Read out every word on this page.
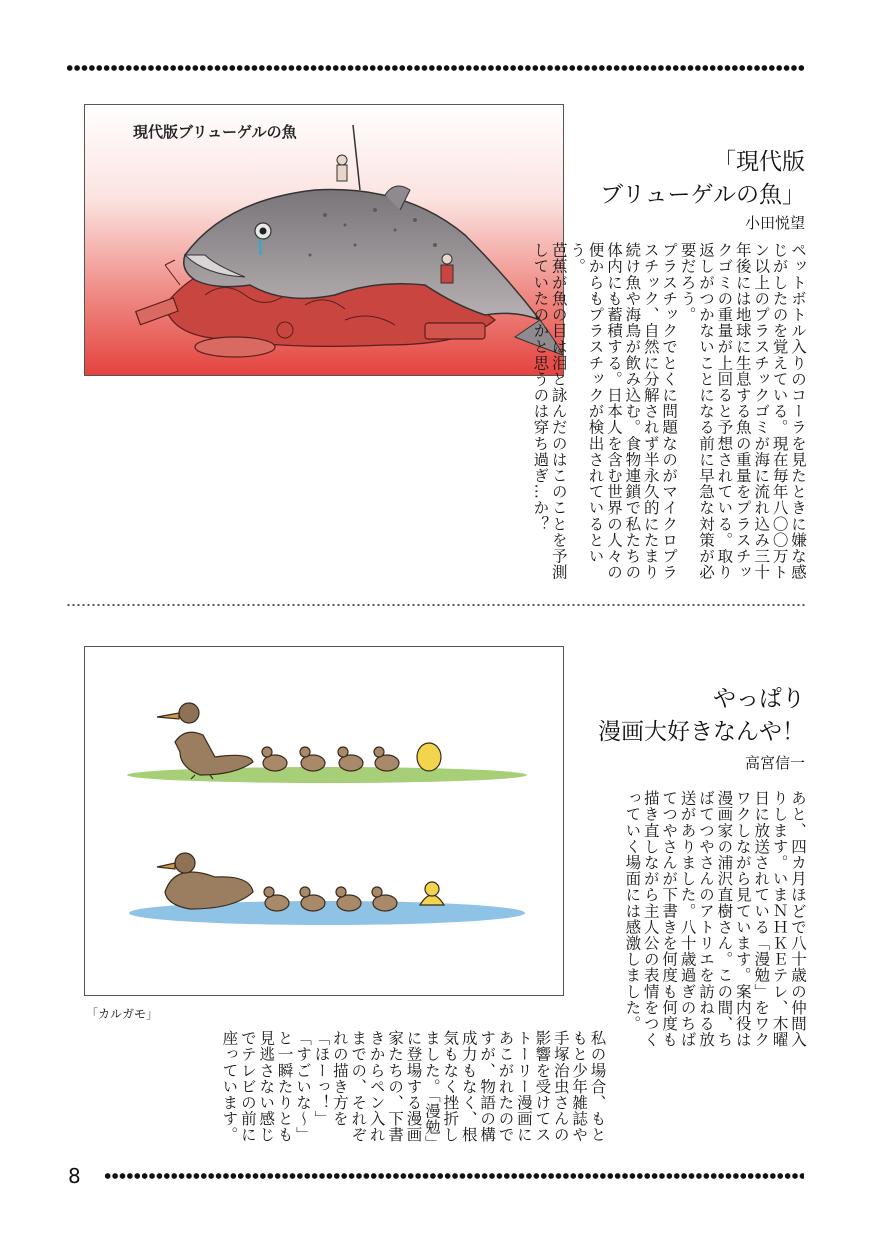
現代版ブリューゲルの魚
「現代版
ブリューゲルの魚」
小田悦望

ペットボトル入りのコーラを見たときに嫌な感じがしたのを覚えている。現在毎年八〇〇万トン以上のプラスチックゴミが海に流れ込み三十年後には地球に生息する魚の重量をプラスチックゴミの重量が上回ると予想されている。取り返しがつかないことになる前に早急な対策が必要だろう。

プラスチックでとくに問題なのがマイクロプラスチック、自然に分解されず半永久的にたまり続け魚や海鳥が飲み込む。食物連鎖で私たちの体内にも蓄積する。日本人を含む世界の人々の便からもプラスチックが検出されているという。

芭蕉が魚の目は泪と詠んだのはこのことを予測していたのかと思うのは穿ち過ぎ…か？

「カルガモ」
やっぱり
漫画大好きなんや！
高宮信一

あと、四カ月ほどで八十歳の仲間入りします。いまＮＨＫＥテレ、木曜日に放送されている「漫勉」をワクワクしながら見ています。案内役は漫画家の浦沢直樹さん。この間、ちばてつやさんのアトリエを訪ねる放送がありました。八十歳過ぎのちばてつやさんが下書きを何度も何度も描き直しながら主人公の表情をつくっていく場面には感激しました。

私の場合、もともと少年雑誌や手塚治虫さんの影響を受けてストーリー漫画にあこがれたのですが、物語の構成力もなく、根気もなく挫折しました。「漫勉」に登場する漫画家たちの、下書きからペン入れまでの、それぞれの描き方を「ほーっ！」「すごいな～」と一瞬たりとも見逃さない感じでテレビの前に座っています。

8
